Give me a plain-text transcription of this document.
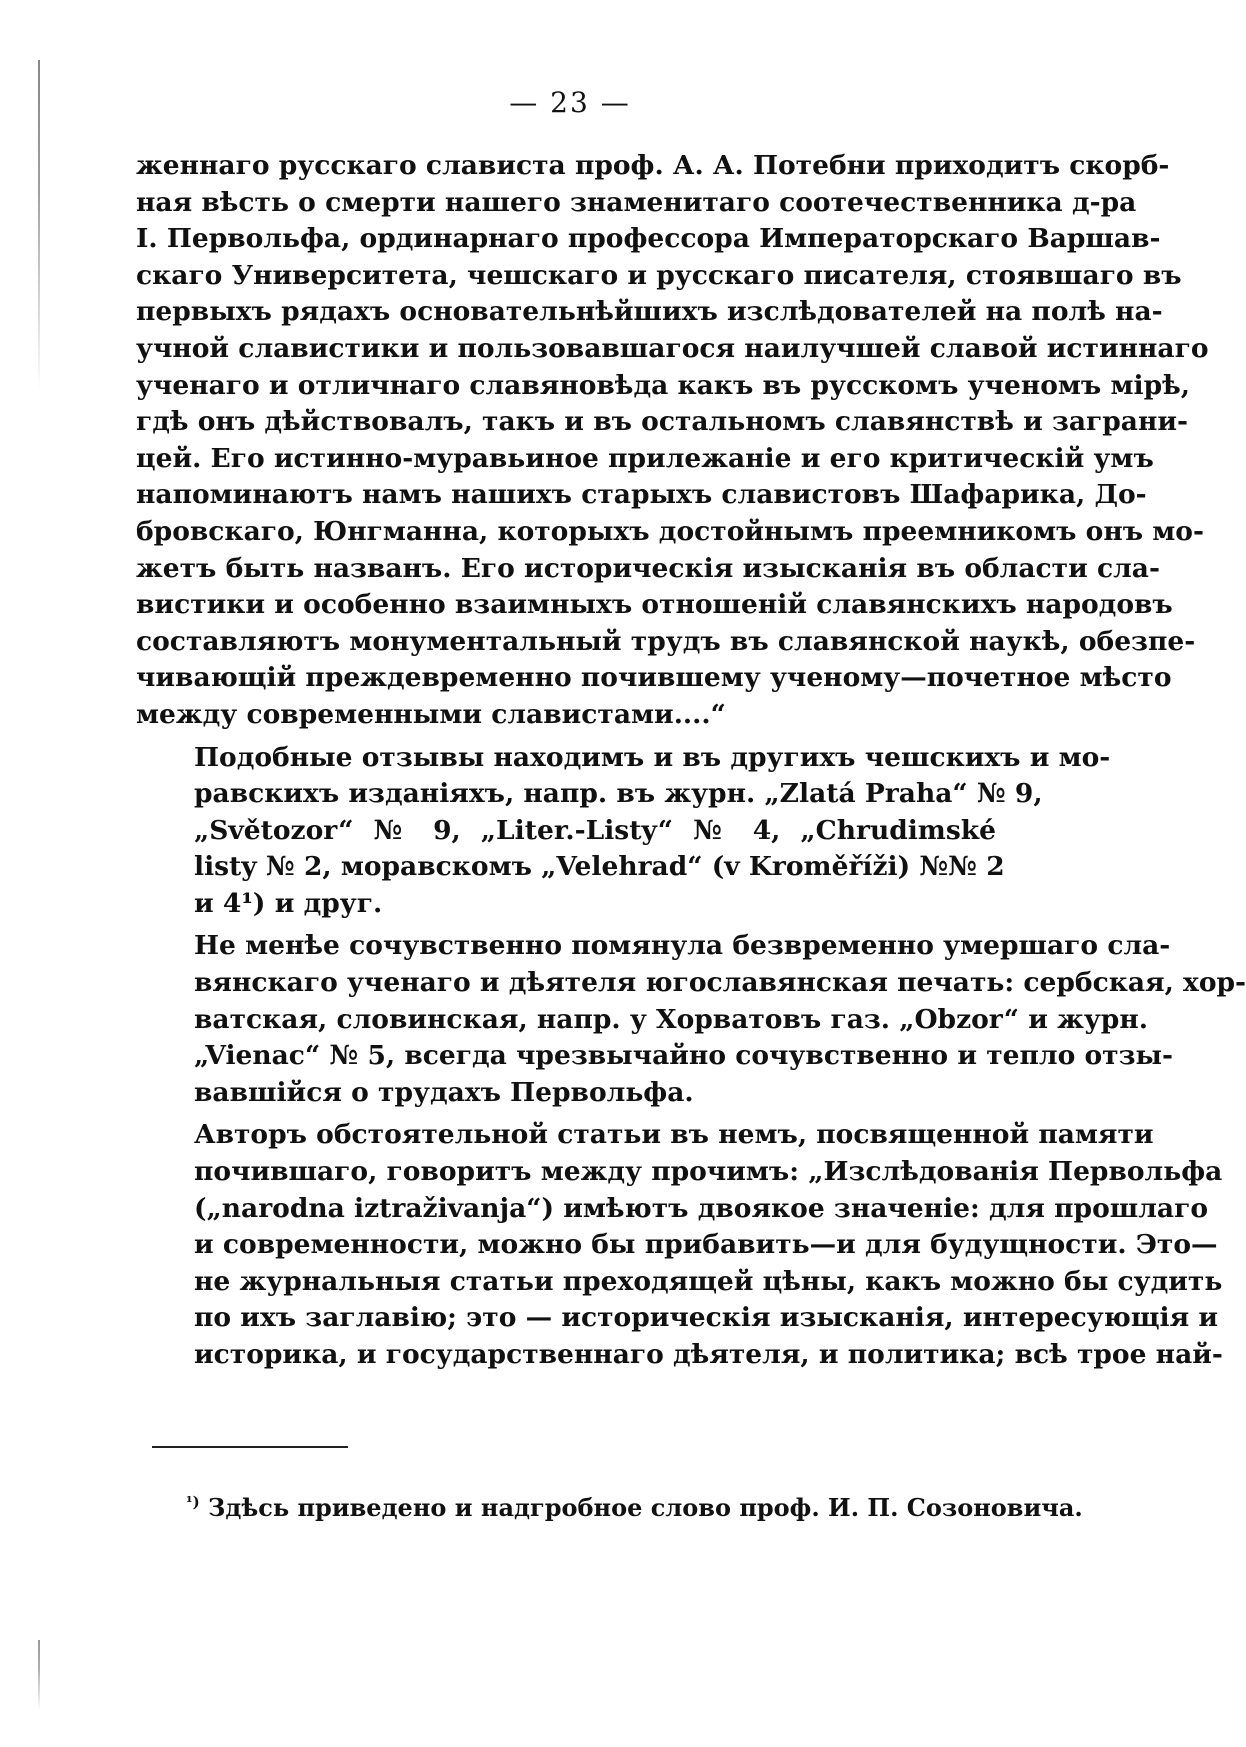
— 23 —
женнаго русскаго слависта проф. А. А. Потебни приходитъ скорб-
ная вѣсть о смерти нашего знаменитаго соотечественника д-ра
I. Первольфа, ординарнаго профессора Императорскаго Варшав-
скаго Университета, чешскаго и русскаго писателя, стоявшаго въ
первыхъ рядахъ основательнѣйшихъ изслѣдователей на полѣ на-
учной славистики и пользовавшагося наилучшей славой истиннаго
ученаго и отличнаго славяновѣда какъ въ русскомъ ученомъ мірѣ,
гдѣ онъ дѣйствовалъ, такъ и въ остальномъ славянствѣ и заграни-
цей. Его истинно-муравьиное прилежаніе и его критическій умъ
напоминаютъ намъ нашихъ старыхъ славистовъ Шафарика, До-
бровскаго, Юнгманна, которыхъ достойнымъ преемникомъ онъ мо-
жетъ быть названъ. Его историческія изысканія въ области сла-
вистики и особенно взаимныхъ отношеній славянскихъ народовъ
составляютъ монументальный трудъ въ славянской наукѣ, обезпе-
чивающій преждевременно почившему ученому—почетное мѣсто
между современными славистами....“
Подобные отзывы находимъ и въ другихъ чешскихъ и мо-
равскихъ изданіяхъ, напр. въ журн. „Zlatá Praha“ № 9,
„Světozor“ № 9, „Liter.-Listy“ № 4, „Chrudimské
listy № 2, моравскомъ „Velehrad“ (v Kroměříži) №№ 2
и 4¹) и друг.
Не менѣе сочувственно помянула безвременно умершаго сла-
вянскаго ученаго и дѣятеля югославянская печать: сербская, хор-
ватская, словинская, напр. у Хорватовъ газ. „Obzor“ и журн.
„Vienac“ № 5, всегда чрезвычайно сочувственно и тепло отзы-
вавшійся о трудахъ Первольфа.
Авторъ обстоятельной статьи въ немъ, посвященной памяти
почившаго, говоритъ между прочимъ: „Изслѣдованія Первольфа
(„narodna iztraživanja“) имѣютъ двоякое значеніе: для прошлаго
и современности, можно бы прибавить—и для будущности. Это—
не журнальныя статьи преходящей цѣны, какъ можно бы судить
по ихъ заглавію; это — историческія изысканія, интересующія и
историка, и государственнаго дѣятеля, и политика; всѣ трое най-
$^{^1)}$ Здѣсь приведено и надгробное слово проф. И. П. Созоновича.
